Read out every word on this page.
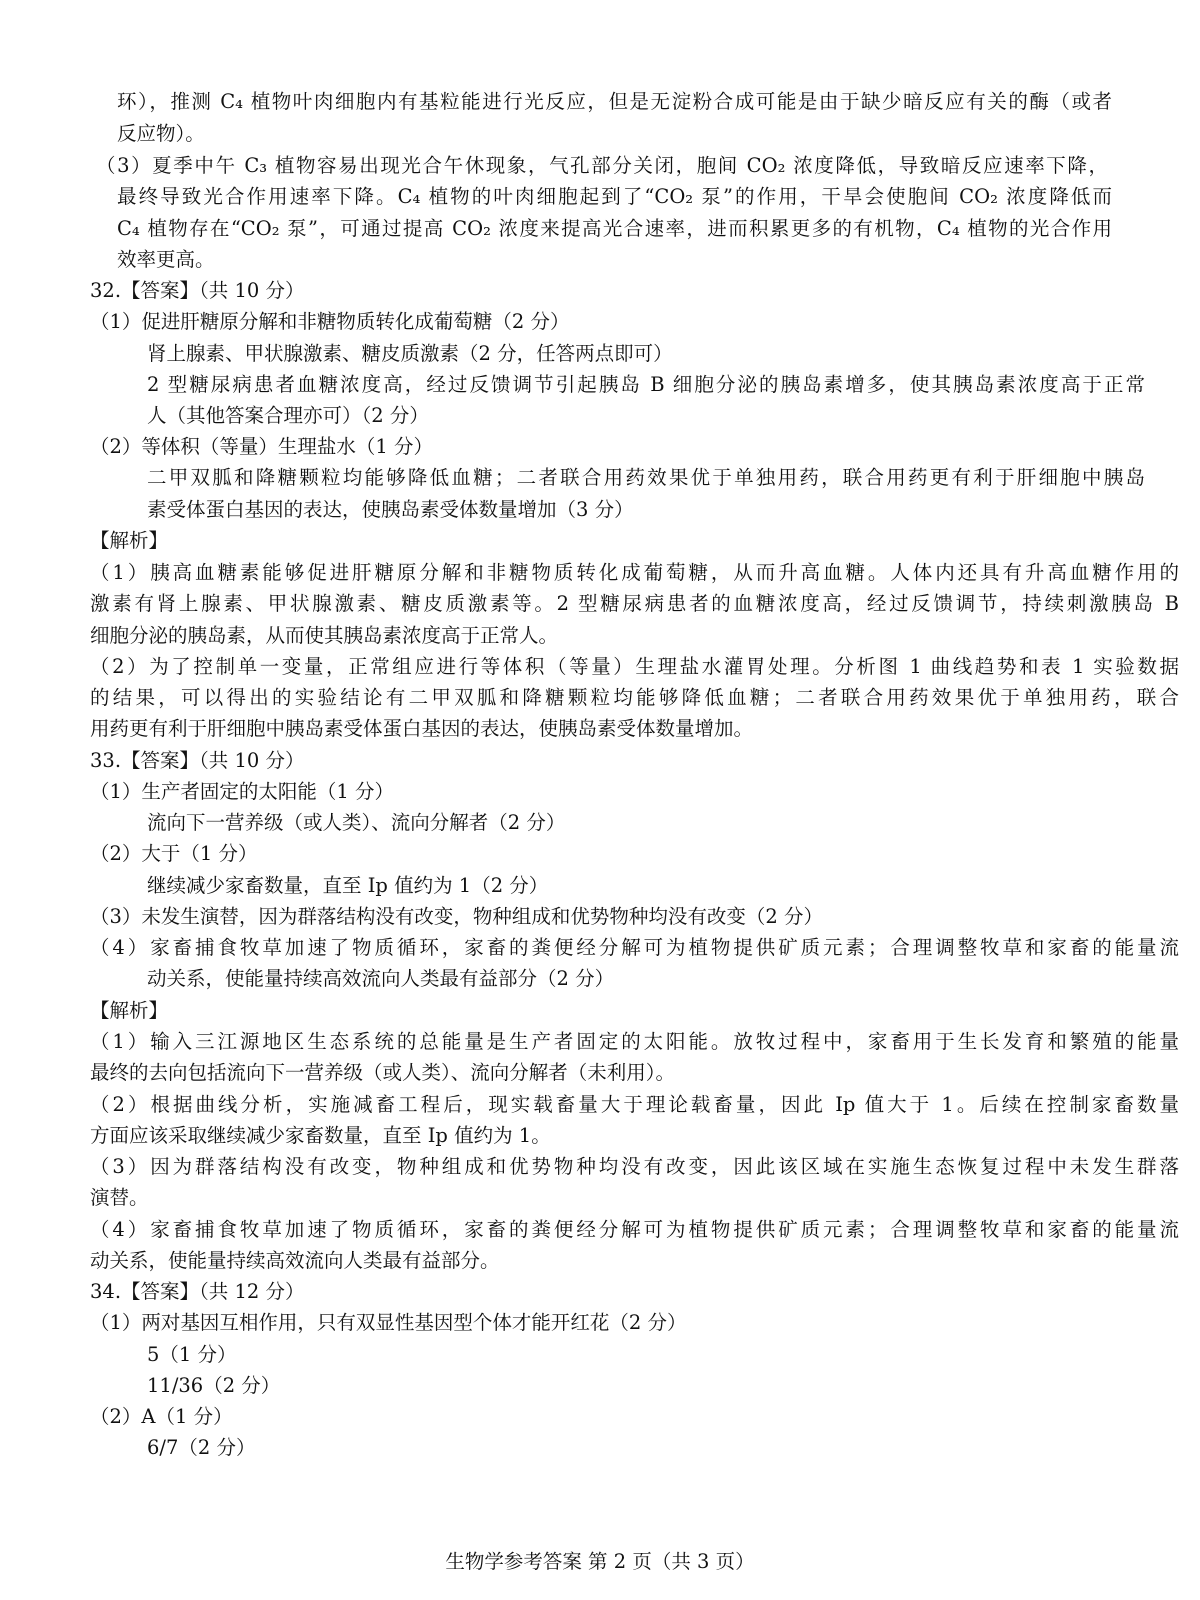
环），推测 C₄ 植物叶肉细胞内有基粒能进行光反应，但是无淀粉合成可能是由于缺少暗反应有关的酶（或者
反应物）。
（3）夏季中午 C₃ 植物容易出现光合午休现象，气孔部分关闭，胞间 CO₂ 浓度降低，导致暗反应速率下降，
最终导致光合作用速率下降。C₄ 植物的叶肉细胞起到了“CO₂ 泵”的作用，干旱会使胞间 CO₂ 浓度降低而
C₄ 植物存在“CO₂ 泵”，可通过提高 CO₂ 浓度来提高光合速率，进而积累更多的有机物，C₄ 植物的光合作用
效率更高。
32.【答案】（共 10 分）
（1）促进肝糖原分解和非糖物质转化成葡萄糖（2 分）
肾上腺素、甲状腺激素、糖皮质激素（2 分，任答两点即可）
2 型糖尿病患者血糖浓度高，经过反馈调节引起胰岛 B 细胞分泌的胰岛素增多，使其胰岛素浓度高于正常
人（其他答案合理亦可）（2 分）
（2）等体积（等量）生理盐水（1 分）
二甲双胍和降糖颗粒均能够降低血糖；二者联合用药效果优于单独用药，联合用药更有利于肝细胞中胰岛
素受体蛋白基因的表达，使胰岛素受体数量增加（3 分）
【解析】
（1）胰高血糖素能够促进肝糖原分解和非糖物质转化成葡萄糖，从而升高血糖。人体内还具有升高血糖作用的
激素有肾上腺素、甲状腺激素、糖皮质激素等。2 型糖尿病患者的血糖浓度高，经过反馈调节，持续刺激胰岛 B
细胞分泌的胰岛素，从而使其胰岛素浓度高于正常人。
（2）为了控制单一变量，正常组应进行等体积（等量）生理盐水灌胃处理。分析图 1 曲线趋势和表 1 实验数据
的结果，可以得出的实验结论有二甲双胍和降糖颗粒均能够降低血糖；二者联合用药效果优于单独用药，联合
用药更有利于肝细胞中胰岛素受体蛋白基因的表达，使胰岛素受体数量增加。
33.【答案】（共 10 分）
（1）生产者固定的太阳能（1 分）
流向下一营养级（或人类）、流向分解者（2 分）
（2）大于（1 分）
继续减少家畜数量，直至 Ip 值约为 1（2 分）
（3）未发生演替，因为群落结构没有改变，物种组成和优势物种均没有改变（2 分）
（4）家畜捕食牧草加速了物质循环，家畜的粪便经分解可为植物提供矿质元素；合理调整牧草和家畜的能量流
动关系，使能量持续高效流向人类最有益部分（2 分）
【解析】
（1）输入三江源地区生态系统的总能量是生产者固定的太阳能。放牧过程中，家畜用于生长发育和繁殖的能量
最终的去向包括流向下一营养级（或人类）、流向分解者（未利用）。
（2）根据曲线分析，实施减畜工程后，现实载畜量大于理论载畜量，因此 Ip 值大于 1。后续在控制家畜数量
方面应该采取继续减少家畜数量，直至 Ip 值约为 1。
（3）因为群落结构没有改变，物种组成和优势物种均没有改变，因此该区域在实施生态恢复过程中未发生群落
演替。
（4）家畜捕食牧草加速了物质循环，家畜的粪便经分解可为植物提供矿质元素；合理调整牧草和家畜的能量流
动关系，使能量持续高效流向人类最有益部分。
34.【答案】（共 12 分）
（1）两对基因互相作用，只有双显性基因型个体才能开红花（2 分）
5（1 分）
11/36（2 分）
（2）A（1 分）
6/7（2 分）
生物学参考答案 第 2 页（共 3 页）
